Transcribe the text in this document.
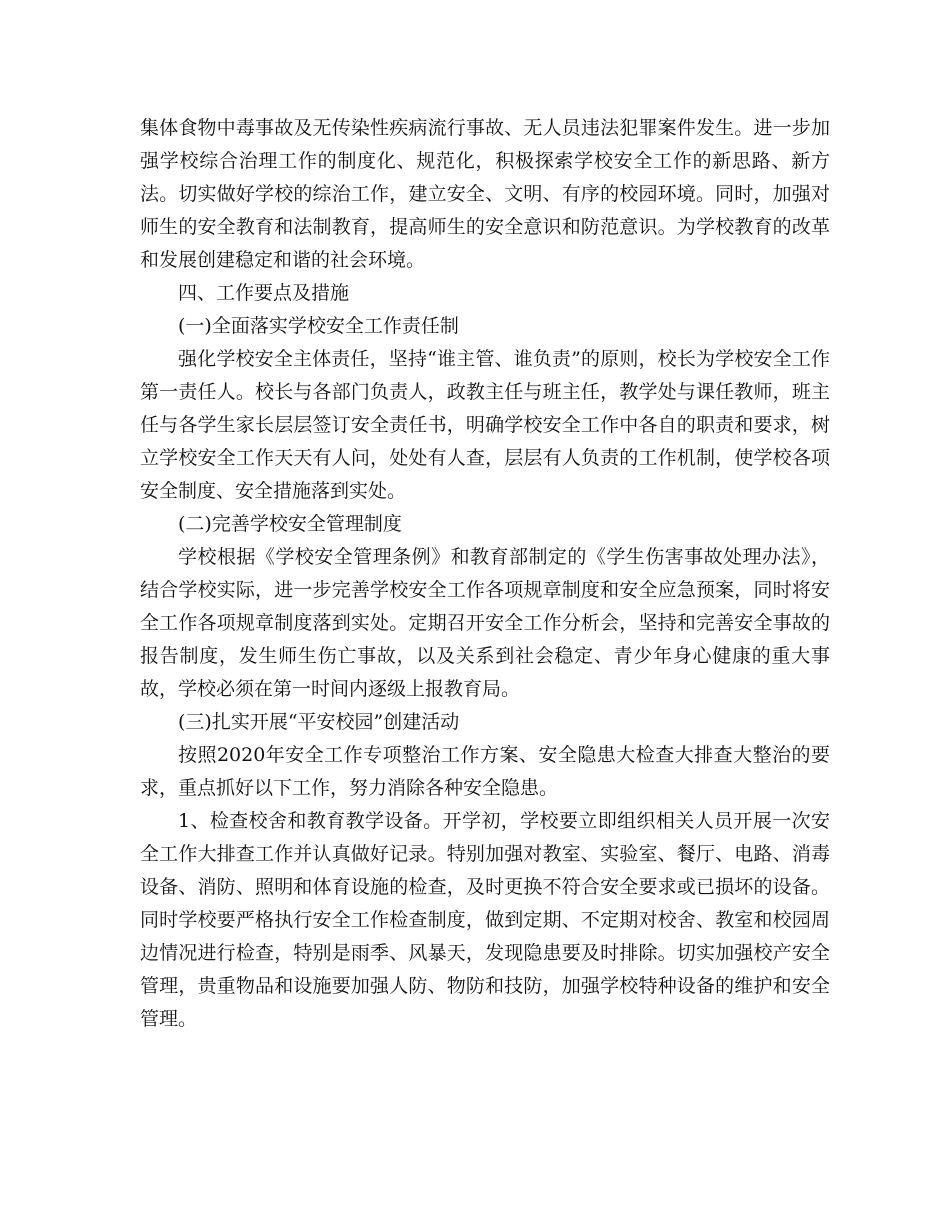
集体食物中毒事故及无传染性疾病流行事故、无人员违法犯罪案件发生。进一步加强学校综合治理工作的制度化、规范化，积极探索学校安全工作的新思路、新方法。切实做好学校的综治工作，建立安全、文明、有序的校园环境。同时，加强对师生的安全教育和法制教育，提高师生的安全意识和防范意识。为学校教育的改革和发展创建稳定和谐的社会环境。

四、工作要点及措施

(一)全面落实学校安全工作责任制

强化学校安全主体责任，坚持“谁主管、谁负责”的原则，校长为学校安全工作第一责任人。校长与各部门负责人，政教主任与班主任，教学处与课任教师，班主任与各学生家长层层签订安全责任书，明确学校安全工作中各自的职责和要求，树立学校安全工作天天有人问，处处有人查，层层有人负责的工作机制，使学校各项安全制度、安全措施落到实处。

(二)完善学校安全管理制度

学校根据《学校安全管理条例》和教育部制定的《学生伤害事故处理办法》，结合学校实际，进一步完善学校安全工作各项规章制度和安全应急预案，同时将安全工作各项规章制度落到实处。定期召开安全工作分析会，坚持和完善安全事故的报告制度，发生师生伤亡事故，以及关系到社会稳定、青少年身心健康的重大事故，学校必须在第一时间内逐级上报教育局。

(三)扎实开展“平安校园”创建活动

按照2020年安全工作专项整治工作方案、安全隐患大检查大排查大整治的要求，重点抓好以下工作，努力消除各种安全隐患。

1、检查校舍和教育教学设备。开学初，学校要立即组织相关人员开展一次安全工作大排查工作并认真做好记录。特别加强对教室、实验室、餐厅、电路、消毒设备、消防、照明和体育设施的检查，及时更换不符合安全要求或已损坏的设备。同时学校要严格执行安全工作检查制度，做到定期、不定期对校舍、教室和校园周边情况进行检查，特别是雨季、风暴天，发现隐患要及时排除。切实加强校产安全管理，贵重物品和设施要加强人防、物防和技防，加强学校特种设备的维护和安全管理。
